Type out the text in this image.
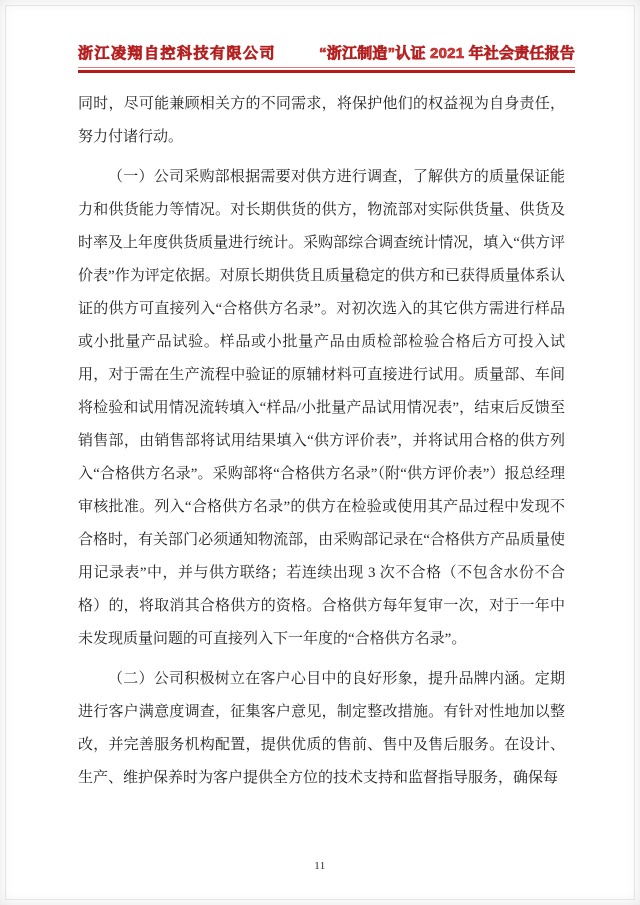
浙江凌翔自控科技有限公司	“浙江制造”认证 2021 年社会责任报告

同时，尽可能兼顾相关方的不同需求，将保护他们的权益视为自身责任，努力付诸行动。

（一）公司采购部根据需要对供方进行调查，了解供方的质量保证能力和供货能力等情况。对长期供货的供方，物流部对实际供货量、供货及时率及上年度供货质量进行统计。采购部综合调查统计情况，填入“供方评价表”作为评定依据。对原长期供货且质量稳定的供方和已获得质量体系认证的供方可直接列入“合格供方名录”。对初次选入的其它供方需进行样品或小批量产品试验。样品或小批量产品由质检部检验合格后方可投入试用，对于需在生产流程中验证的原辅材料可直接进行试用。质量部、车间将检验和试用情况流转填入“样品/小批量产品试用情况表”，结束后反馈至销售部，由销售部将试用结果填入“供方评价表”，并将试用合格的供方列入“合格供方名录”。采购部将“合格供方名录”（附“供方评价表”）报总经理审核批准。列入“合格供方名录”的供方在检验或使用其产品过程中发现不合格时，有关部门必须通知物流部，由采购部记录在“合格供方产品质量使用记录表”中，并与供方联络；若连续出现 3 次不合格（不包含水份不合格）的，将取消其合格供方的资格。合格供方每年复审一次，对于一年中未发现质量问题的可直接列入下一年度的“合格供方名录”。

（二）公司积极树立在客户心目中的良好形象，提升品牌内涵。定期进行客户满意度调查，征集客户意见，制定整改措施。有针对性地加以整改，并完善服务机构配置，提供优质的售前、售中及售后服务。在设计、生产、维护保养时为客户提供全方位的技术支持和监督指导服务，确保每

11
